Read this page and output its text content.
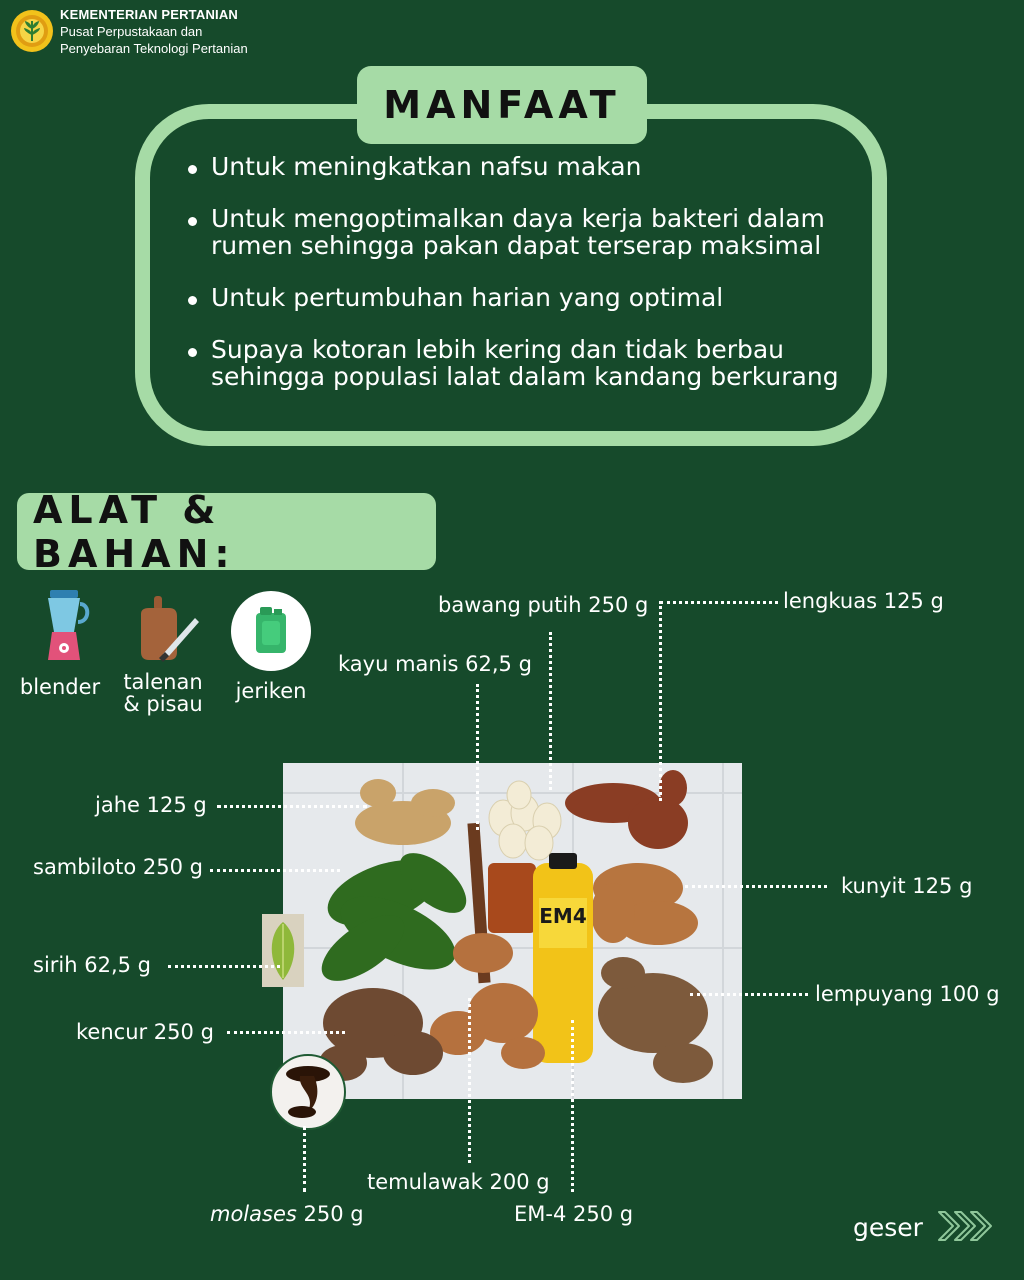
KEMENTERIAN PERTANIAN
Pusat Perpustakaan dan
Penyebaran Teknologi Pertanian
MANFAAT
Untuk meningkatkan nafsu makan
Untuk mengoptimalkan daya kerja bakteri dalam
rumen sehingga pakan dapat terserap maksimal
Untuk pertumbuhan harian yang optimal
Supaya kotoran lebih kering dan tidak berbau
sehingga populasi lalat dalam kandang berkurang
ALAT & BAHAN:
blender talenan
& pisau
jeriken
EM4
bawang putih 250 g	lengkuas 125 g
kayu manis 62,5 g
jahe 125 g
sambiloto 250 g
kunyit 125 g
sirih 62,5 g
lempuyang 100 g
kencur 250 g
temulawak 200 g
molases 250 g	EM-4 250 g	geser
